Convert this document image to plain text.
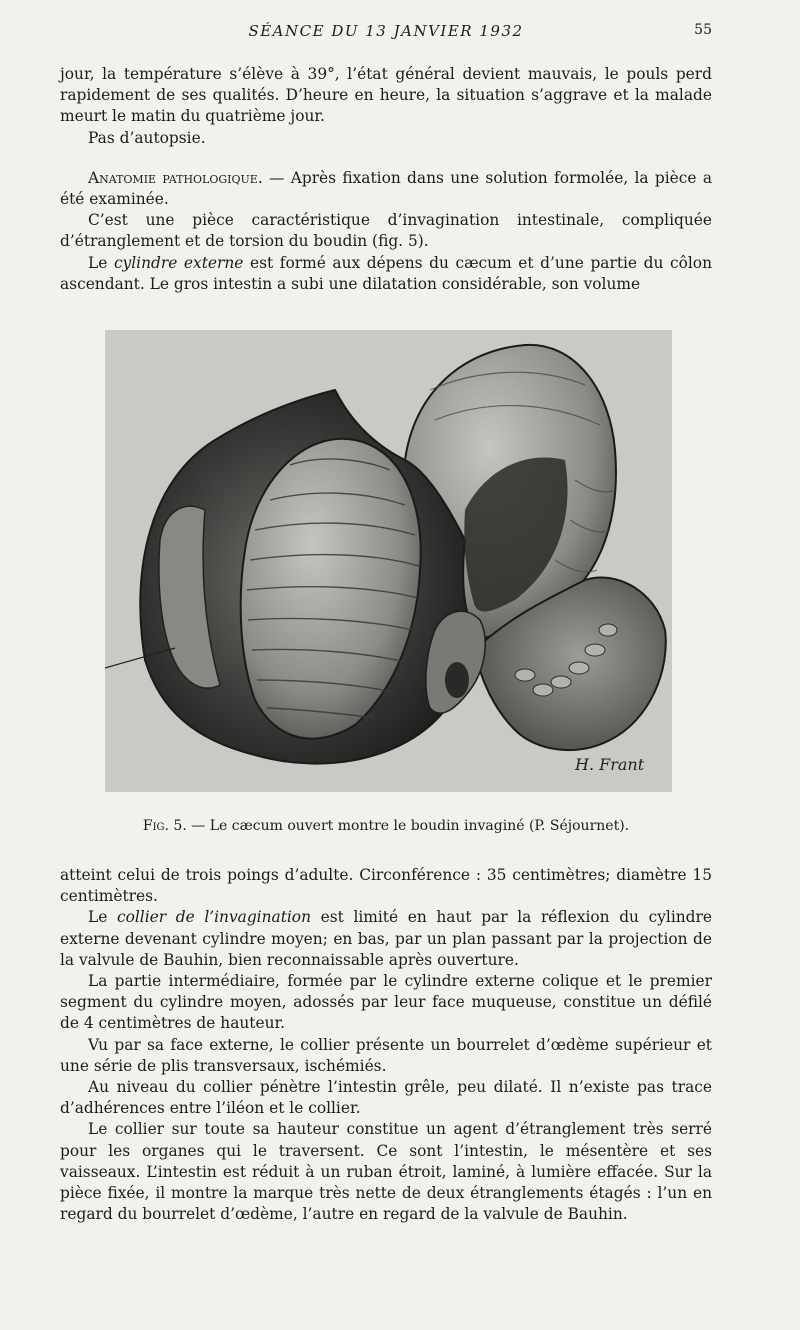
SÉANCE DU 13 JANVIER 1932	55

jour, la température s’élève à 39°, l’état général devient mauvais, le pouls perd rapidement de ses qualités. D’heure en heure, la situation s’aggrave et la malade meurt le matin du quatrième jour.

Pas d’autopsie.

Anatomie pathologique. — Après fixation dans une solution formolée, la pièce a été examinée.

C’est une pièce caractéristique d’invagination intestinale, compliquée d’étranglement et de torsion du boudin (fig. 5).

Le cylindre externe est formé aux dépens du cæcum et d’une partie du côlon ascendant. Le gros intestin a subi une dilatation considérable, son volume

H. Frant
Fig. 5. — Le cæcum ouvert montre le boudin invaginé (P. Séjournet).

atteint celui de trois poings d’adulte. Circonférence : 35 centimètres; diamètre 15 centimètres.

Le collier de l’invagination est limité en haut par la réflexion du cylindre externe devenant cylindre moyen; en bas, par un plan passant par la projection de la valvule de Bauhin, bien reconnaissable après ouverture.

La partie intermédiaire, formée par le cylindre externe colique et le premier segment du cylindre moyen, adossés par leur face muqueuse, constitue un défilé de 4 centimètres de hauteur.

Vu par sa face externe, le collier présente un bourrelet d’œdème supérieur et une série de plis transversaux, ischémiés.

Au niveau du collier pénètre l’intestin grêle, peu dilaté. Il n’existe pas trace d’adhérences entre l’iléon et le collier.

Le collier sur toute sa hauteur constitue un agent d’étranglement très serré pour les organes qui le traversent. Ce sont l’intestin, le mésentère et ses vaisseaux. L’intestin est réduit à un ruban étroit, laminé, à lumière effacée. Sur la pièce fixée, il montre la marque très nette de deux étranglements étagés : l’un en regard du bourrelet d’œdème, l’autre en regard de la valvule de Bauhin.
